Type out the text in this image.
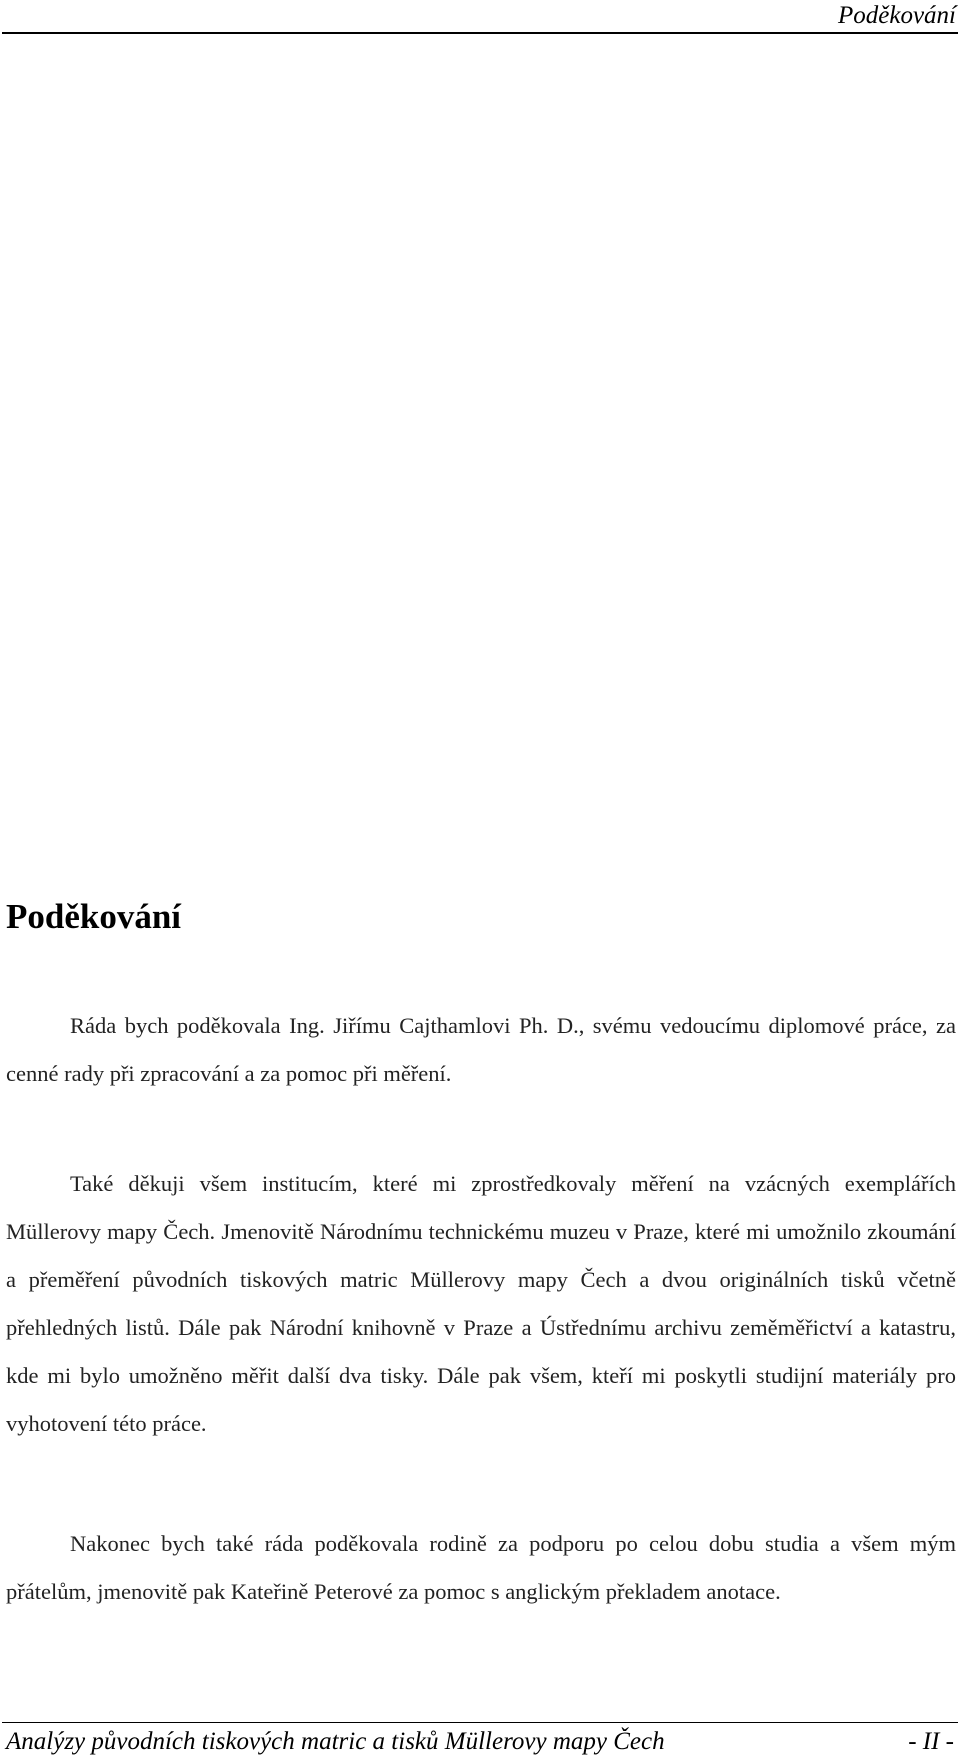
Poděkování
Poděkování

Ráda bych poděkovala Ing. Jiřímu Cajthamlovi Ph. D., svému vedoucímu diplomové práce, za cenné rady při zpracování a za pomoc při měření.

Také děkuji všem institucím, které mi zprostředkovaly měření na vzácných exemplářích Müllerovy mapy Čech. Jmenovitě Národnímu technickému muzeu v Praze, které mi umožnilo zkoumání a přeměření původních tiskových matric Müllerovy mapy Čech a dvou originálních tisků včetně přehledných listů. Dále pak Národní knihovně v Praze a Ústřednímu archivu zeměměřictví a katastru, kde mi bylo umožněno měřit další dva tisky. Dále pak všem, kteří mi poskytli studijní materiály pro vyhotovení této práce.

Nakonec bych také ráda poděkovala rodině za podporu po celou dobu studia a všem mým přátelům, jmenovitě pak Kateřině Peterové za pomoc s anglickým překladem anotace.

Analýzy původních tiskových matric a tisků Müllerovy mapy Čech	- II -
